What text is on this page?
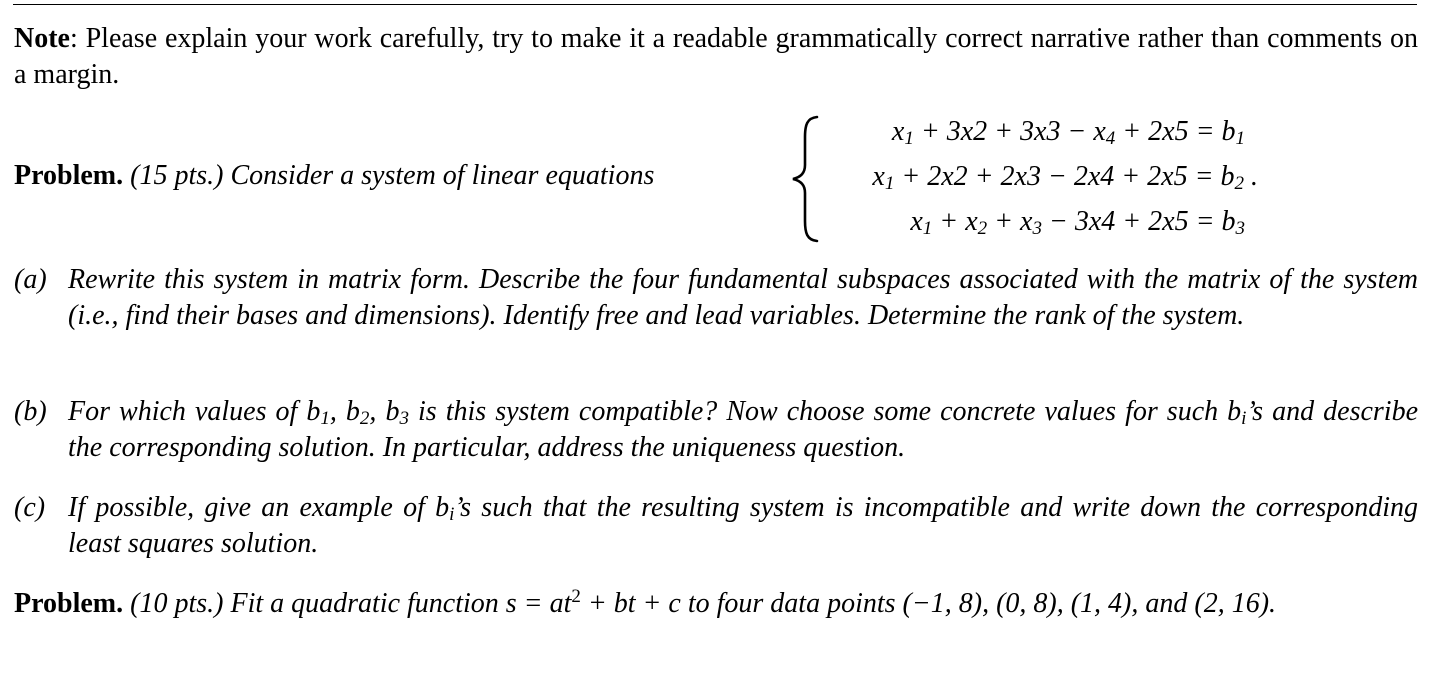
Note: Please explain your work carefully, try to make it a readable grammatically correct narrative rather than comments on a margin.
Problem. (15 pts.) Consider a system of linear equations
$x_1 + 3x2 + 3x3 - x_4 + 2x5 = b_1$
$x_1 + 2x2 + 2x3 - 2x4 + 2x5 = b_2$ .
$x_1 + x_2 + x_3 - 3x4 + 2x5 = b_3$
(a) Rewrite this system in matrix form. Describe the four fundamental subspaces associated with the matrix of the system (i.e., find their bases and dimensions). Identify free and lead variables. Determine the rank of the system.
(b) For which values of $b_1$, $b_2$, $b_3$ is this system compatible? Now choose some concrete values for such $b_i’s$ and describe the corresponding solution. In particular, address the uniqueness question.
(c) If possible, give an example of $b_i’s$ such that the resulting system is incompatible and write down the corresponding least squares solution.
Problem. (10 pts.) Fit a quadratic function $s = at^2$ + bt + c to four data points (−1, 8), (0, 8), (1, 4), and (2, 16).
